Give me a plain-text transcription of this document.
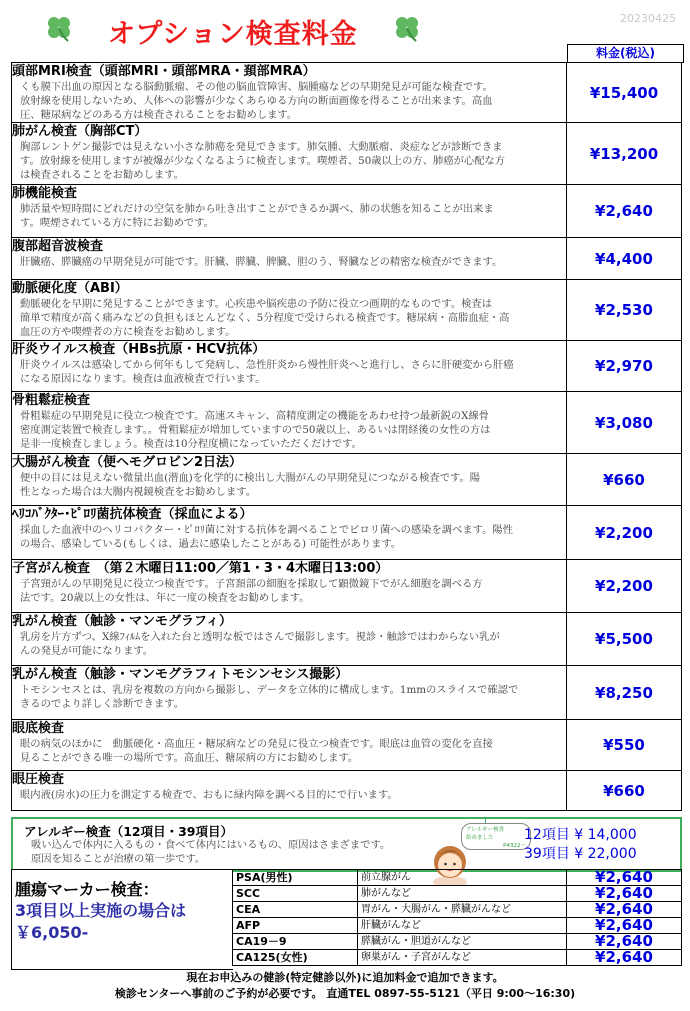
オプション検査料金
20230425
料金(税込)
頭部MRI検査（頭部MRI・頭部MRA・頚部MRA）
くも膜下出血の原因となる脳動脈瘤、その他の脳血管障害、脳腫瘍などの早期発見が可能な検査です。
放射線を使用しないため、人体への影響が少なくあらゆる方向の断面画像を得ることが出来ます。高血
圧、糖尿病などのある方は検査されることをお勧めします。	¥15,400

肺がん検査（胸部CT）
胸部レントゲン撮影では見えない小さな肺癌を発見できます。肺気腫、大動脈瘤、炎症などが診断できま
す。放射線を使用しますが被爆が少なくなるように検査します。喫煙者、50歳以上の方、肺癌が心配な方
は検査されることをお勧めします。	¥13,200

肺機能検査
肺活量や短時間にどれだけの空気を肺から吐き出すことができるか調べ、肺の状態を知ることが出来ま
す。喫煙されている方に特にお勧めです。	¥2,640

腹部超音波検査
肝臓癌、膵臓癌の早期発見が可能です。肝臓、膵臓、脾臓、胆のう、腎臓などの精密な検査ができます。	¥4,400

動脈硬化度（ABI）
動脈硬化を早期に発見することができます。心疾患や脳疾患の予防に役立つ画期的なものです。検査は
簡単で精度が高く痛みなどの負担もほとんどなく、5分程度で受けられる検査です。糖尿病・高脂血症・高
血圧の方や喫煙者の方に検査をお勧めします。	¥2,530

肝炎ウイルス検査（HBs抗原・HCV抗体）
肝炎ウイルスは感染してから何年もして発病し、急性肝炎から慢性肝炎へと進行し、さらに肝硬変から肝癌
になる原因になります。検査は血液検査で行います。	¥2,970

骨粗鬆症検査
骨粗鬆症の早期発見に役立つ検査です。高速スキャン、高精度測定の機能をあわせ持つ最新鋭のX線骨
密度測定装置で検査します。。骨粗鬆症が増加していますので50歳以上、あるいは閉経後の女性の方は
是非一度検査しましょう。検査は10分程度横になっていただくだけです。	¥3,080

大腸がん検査（便ヘモグロビン2日法）
便中の目には見えない微量出血(潜血)を化学的に検出し大腸がんの早期発見につながる検査です。陽
性となった場合は大腸内視鏡検査をお勧めします。	¥660

ﾍﾘｺﾊﾞｸﾀｰ･ﾋﾟﾛﾘ菌抗体検査（採血による）
採血した血液中のヘリコバクター・ﾋﾟﾛﾘ菌に対する抗体を調べることでピロリ菌への感染を調べます。陽性
の場合、感染している(もしくは、過去に感染したことがある) 可能性があります。	¥2,200

子宮がん検査　（第２木曜日11:00／第1・3・4木曜日13:00）
子宮頸がんの早期発見に役立つ検査です。子宮頚部の細胞を採取して顕微鏡下でがん細胞を調べる方
法です。20歳以上の女性は、年に一度の検査をお勧めします。	¥2,200

乳がん検査（触診・マンモグラフィ）
乳房を片方ずつ、X線ﾌｨﾙﾑを入れた台と透明な板ではさんで撮影します。視診・触診ではわからない乳が
んの発見が可能になります。	¥5,500

乳がん検査（触診・マンモグラフィトモシンセシス撮影）
トモシンセスとは、乳房を複数の方向から撮影し、データを立体的に構成します。1mmのスライスで確認で
きるのでより詳しく診断できます。	¥8,250

眼底検査
眼の病気のほかに　動脈硬化・高血圧・糖尿病などの発見に役立つ検査です。眼底は血管の変化を直接
見ることができる唯一の場所です。高血圧、糖尿病の方にお勧めします。	¥550

眼圧検査
眼内液(房水)の圧力を測定する検査で、おもに緑内障を調べる目的にで行います。	¥660
アレルギー検査（12項目・39項目）
吸い込んで体内に入るもの・食べて体内にはいるもの、原因はさまざまです。
原因を知ることが治療の第一歩です。
アレルギー検査
始めました
P4322～
12項目 ¥ 14,000
39項目 ¥ 22,000
腫瘍マーカー検査：
3項目以上実施の場合は
￥6,050-
PSA(男性)	前立腺がん	¥2,640
SCC	肺がんなど	¥2,640
CEA	胃がん・大腸がん・膵臓がんなど	¥2,640
AFP	肝臓がんなど	¥2,640
CA19－9	膵臓がん・胆道がんなど	¥2,640
CA125(女性)	卵巣がん・子宮がんなど	¥2,640
現在お申込みの健診(特定健診以外)に追加料金で追加できます。
検診センターへ事前のご予約が必要です。 直通TEL 0897-55-5121（平日 9:00～16:30)
